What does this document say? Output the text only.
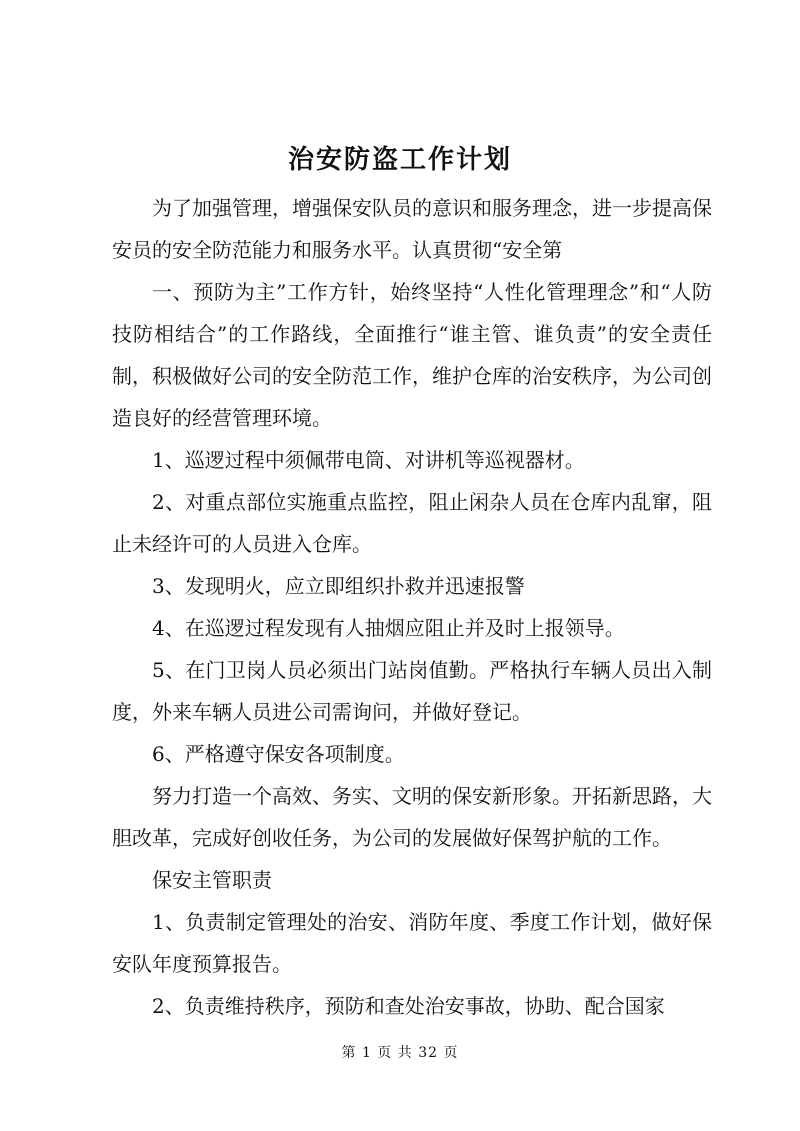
治安防盗工作计划

为了加强管理，增强保安队员的意识和服务理念，进一步提高保安员的安全防范能力和服务水平。认真贯彻“安全第

一、预防为主”工作方针，始终坚持“人性化管理理念”和“人防技防相结合”的工作路线，全面推行“谁主管、谁负责”的安全责任制，积极做好公司的安全防范工作，维护仓库的治安秩序，为公司创造良好的经营管理环境。

1、巡逻过程中须佩带电筒、对讲机等巡视器材。

2、对重点部位实施重点监控，阻止闲杂人员在仓库内乱窜，阻止未经许可的人员进入仓库。

3、发现明火，应立即组织扑救并迅速报警

4、在巡逻过程发现有人抽烟应阻止并及时上报领导。

5、在门卫岗人员必须出门站岗值勤。严格执行车辆人员出入制度，外来车辆人员进公司需询问，并做好登记。

6、严格遵守保安各项制度。

努力打造一个高效、务实、文明的保安新形象。开拓新思路，大胆改革，完成好创收任务，为公司的发展做好保驾护航的工作。

保安主管职责

1、负责制定管理处的治安、消防年度、季度工作计划，做好保安队年度预算报告。

2、负责维持秩序，预防和查处治安事故，协助、配合国家

第 1 页 共 32 页
